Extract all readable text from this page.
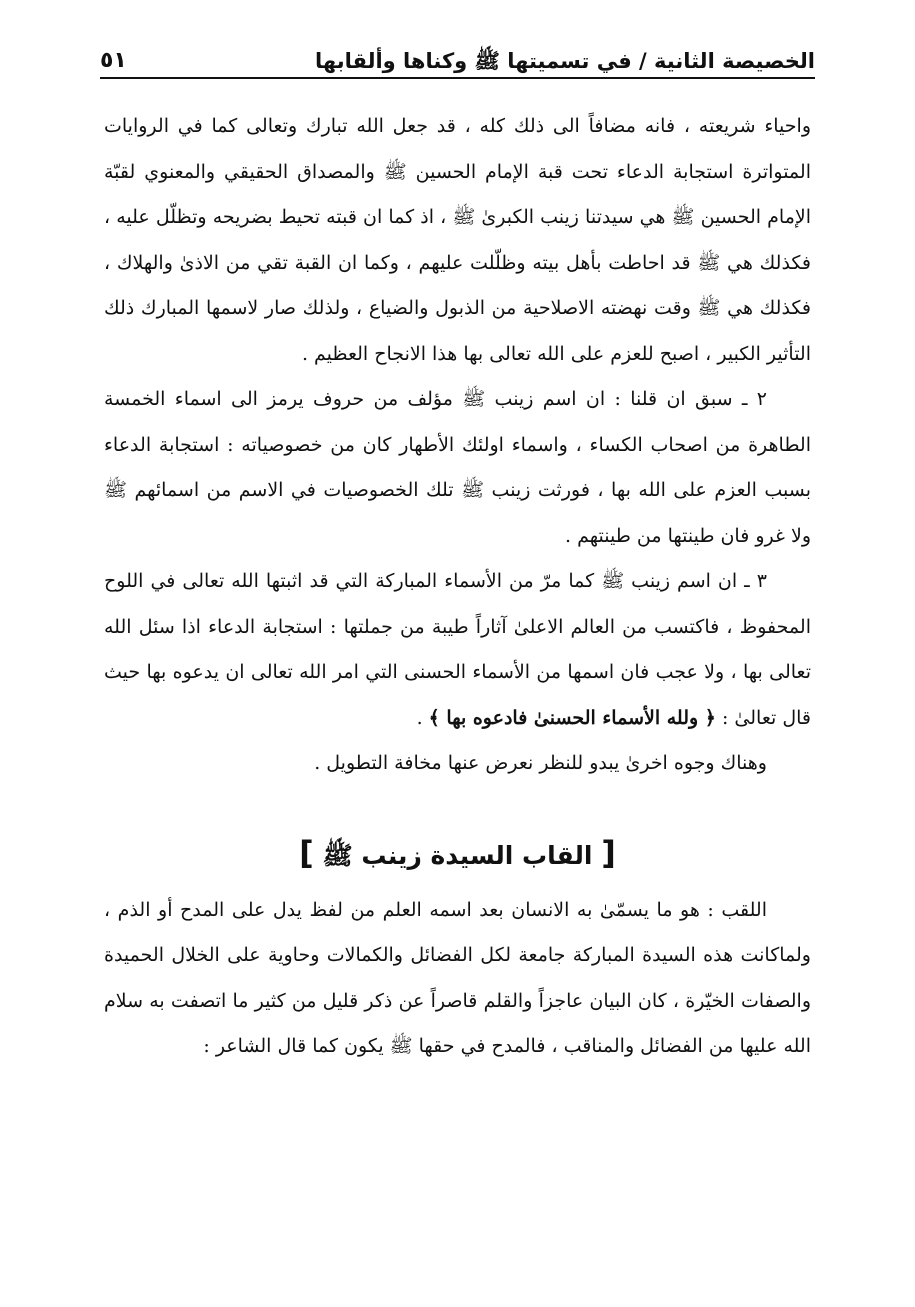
الخصيصة الثانية / في تسميتها ﷺ وكناها وألقابها
٥١

واحياء شريعته ، فانه مضافاً الى ذلك كله ، قد جعل الله تبارك وتعالى كما في الروايات المتواترة استجابة الدعاء تحت قبة الإمام الحسين ﷺ والمصداق الحقيقي والمعنوي لقبّة الإمام الحسين ﷺ هي سيدتنا زينب الكبرىٰ ﷺ ، اذ كما ان قبته تحيط بضريحه وتظلّل عليه ، فكذلك هي ﷺ قد احاطت بأهل بيته وظلّلت عليهم ، وكما ان القبة تقي من الاذىٰ والهلاك ، فكذلك هي ﷺ وقت نهضته الاصلاحية من الذبول والضياع ، ولذلك صار لاسمها المبارك ذلك التأثير الكبير ، اصبح للعزم على الله تعالى بها هذا الانجاح العظيم .

٢ ـ سبق ان قلنا : ان اسم زينب ﷺ مؤلف من حروف يرمز الى اسماء الخمسة الطاهرة من اصحاب الكساء ، واسماء اولئك الأطهار كان من خصوصياته : استجابة الدعاء بسبب العزم على الله بها ، فورثت زينب ﷺ تلك الخصوصيات في الاسم من اسمائهم ﷺ ولا غرو فان طينتها من طينتهم .

٣ ـ ان اسم زينب ﷺ كما مرّ من الأسماء المباركة التي قد اثبتها الله تعالى في اللوح المحفوظ ، فاكتسب من العالم الاعلىٰ آثاراً طيبة من جملتها : استجابة الدعاء اذا سئل الله تعالى بها ، ولا عجب فان اسمها من الأسماء الحسنى التي امر الله تعالى ان يدعوه بها حيث قال تعالىٰ : ﴿ ولله الأسماء الحسنىٰ فادعوه بها ﴾ .

وهناك وجوه اخرىٰ يبدو للنظر نعرض عنها مخافة التطويل .

[ القاب السيدة زينب ﷺ ]

اللقب : هو ما يسمّىٰ به الانسان بعد اسمه العلم من لفظ يدل على المدح أو الذم ، ولماكانت هذه السيدة المباركة جامعة لكل الفضائل والكمالات وحاوية على الخلال الحميدة والصفات الخيّرة ، كان البيان عاجزاً والقلم قاصراً عن ذكر قليل من كثير ما اتصفت به سلام الله عليها من الفضائل والمناقب ، فالمدح في حقها ﷺ يكون كما قال الشاعر :
